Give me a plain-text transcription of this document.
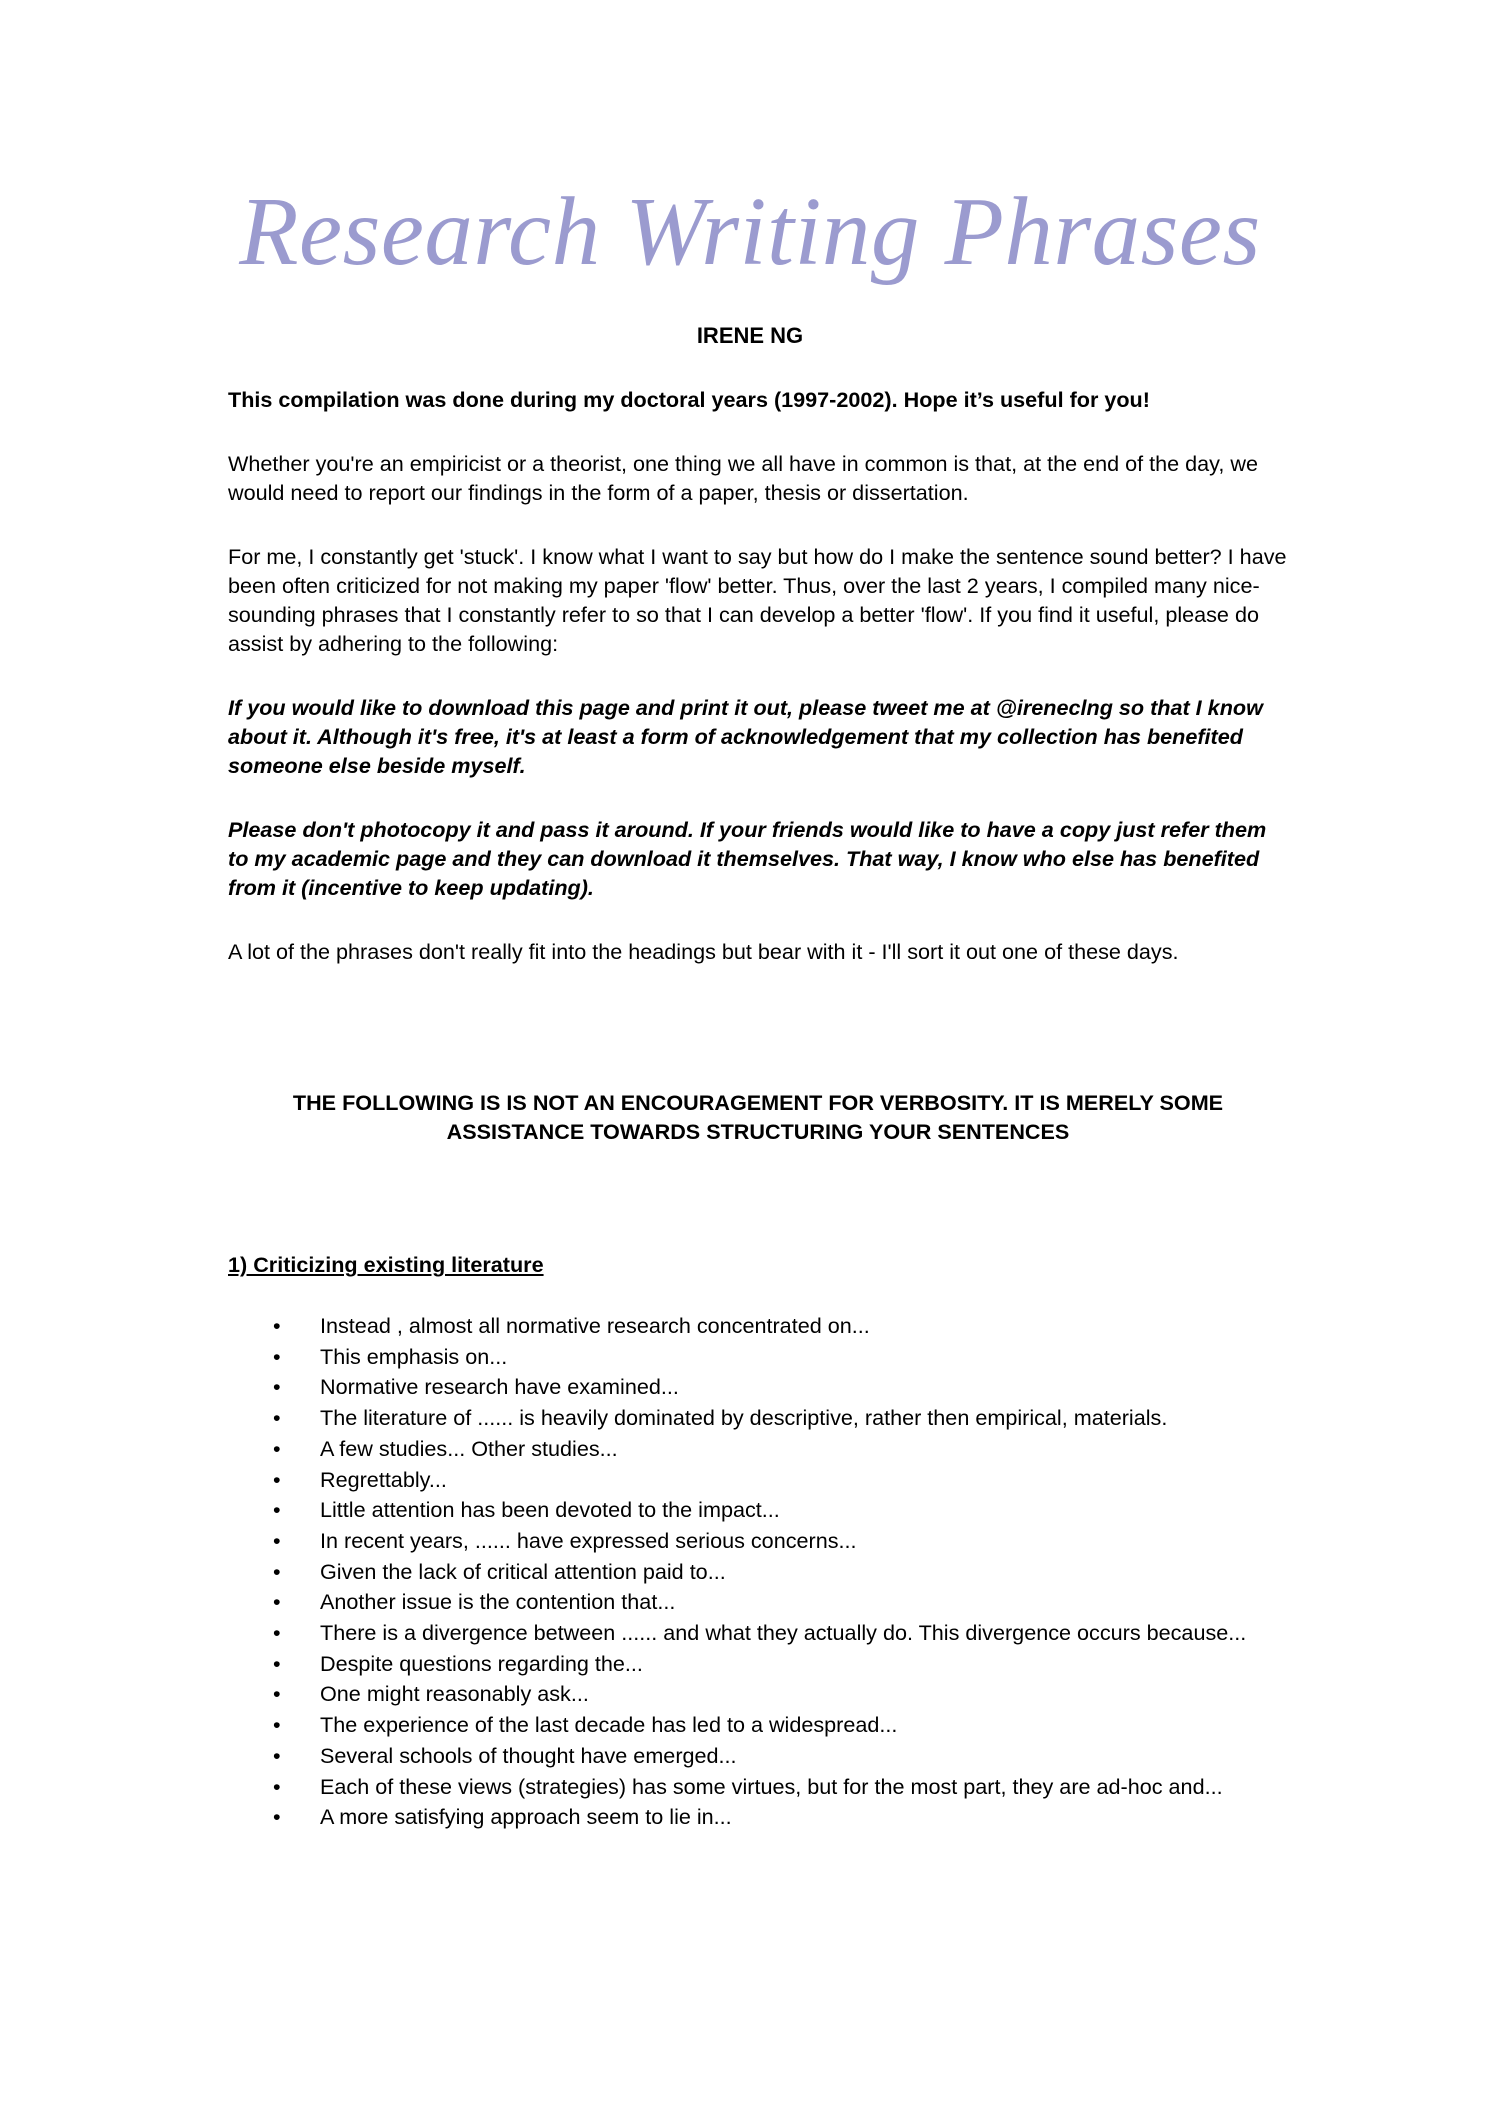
Research Writing Phrases

IRENE NG

This compilation was done during my doctoral years (1997-2002). Hope it’s useful for you!

Whether you're an empiricist or a theorist, one thing we all have in common is that, at the end of the day, we would need to report our findings in the form of a paper, thesis or dissertation.

For me, I constantly get 'stuck'. I know what I want to say but how do I make the sentence sound better? I have been often criticized for not making my paper 'flow' better. Thus, over the last 2 years, I compiled many nice-sounding phrases that I constantly refer to so that I can develop a better 'flow'. If you find it useful, please do assist by adhering to the following:

If you would like to download this page and print it out, please tweet me at @ireneclng so that I know about it. Although it's free, it's at least a form of acknowledgement that my collection has benefited someone else beside myself.

Please don't photocopy it and pass it around. If your friends would like to have a copy just refer them to my academic page and they can download it themselves. That way, I know who else has benefited from it (incentive to keep updating).

A lot of the phrases don't really fit into the headings but bear with it - I'll sort it out one of these days.

THE FOLLOWING IS IS NOT AN ENCOURAGEMENT FOR VERBOSITY. IT IS MERELY SOME ASSISTANCE TOWARDS STRUCTURING YOUR SENTENCES

1) Criticizing existing literature
• Instead , almost all normative research concentrated on...
• This emphasis on...
• Normative research have examined...
• The literature of ...... is heavily dominated by descriptive, rather then empirical, materials.
• A few studies... Other studies...
• Regrettably...
• Little attention has been devoted to the impact...
• In recent years, ...... have expressed serious concerns...
• Given the lack of critical attention paid to...
• Another issue is the contention that...
• There is a divergence between ...... and what they actually do. This divergence occurs because...
• Despite questions regarding the...
• One might reasonably ask...
• The experience of the last decade has led to a widespread...
• Several schools of thought have emerged...
• Each of these views (strategies) has some virtues, but for the most part, they are ad-hoc and...
• A more satisfying approach seem to lie in...
